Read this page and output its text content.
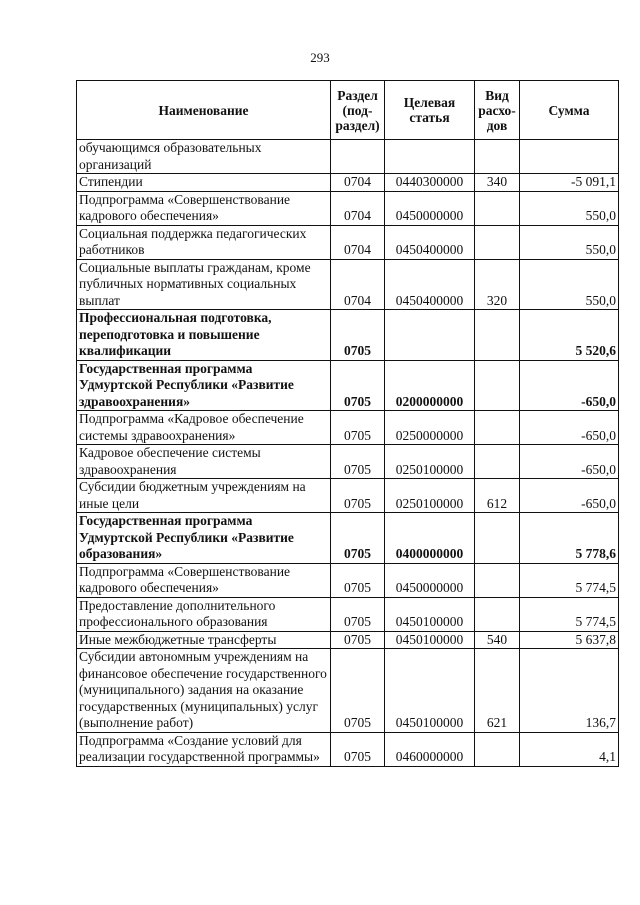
293
Наименование	Раздел (под-раздел)	Целевая статья	Вид расхо-дов	Сумма
обучающимся образовательных организаций				
Стипендии	0704	0440300000	340	-5 091,1
Подпрограмма «Совершенствование кадрового обеспечения»	0704	0450000000		550,0
Социальная поддержка педагогических работников	0704	0450400000		550,0
Социальные выплаты гражданам, кроме публичных нормативных социальных выплат	0704	0450400000	320	550,0
Профессиональная подготовка, переподготовка и повышение квалификации	0705			5 520,6
Государственная программа Удмуртской Республики «Развитие здравоохранения»	0705	0200000000		-650,0
Подпрограмма «Кадровое обеспечение системы здравоохранения»	0705	0250000000		-650,0
Кадровое обеспечение системы здравоохранения	0705	0250100000		-650,0
Субсидии бюджетным учреждениям на иные цели	0705	0250100000	612	-650,0
Государственная программа Удмуртской Республики «Развитие образования»	0705	0400000000		5 778,6
Подпрограмма «Совершенствование кадрового обеспечения»	0705	0450000000		5 774,5
Предоставление дополнительного профессионального образования	0705	0450100000		5 774,5
Иные межбюджетные трансферты	0705	0450100000	540	5 637,8
Субсидии автономным учреждениям на финансовое обеспечение государственного (муниципального) задания на оказание государственных (муниципальных) услуг (выполнение работ)	0705	0450100000	621	136,7
Подпрограмма «Создание условий для реализации государственной программы»	0705	0460000000		4,1
